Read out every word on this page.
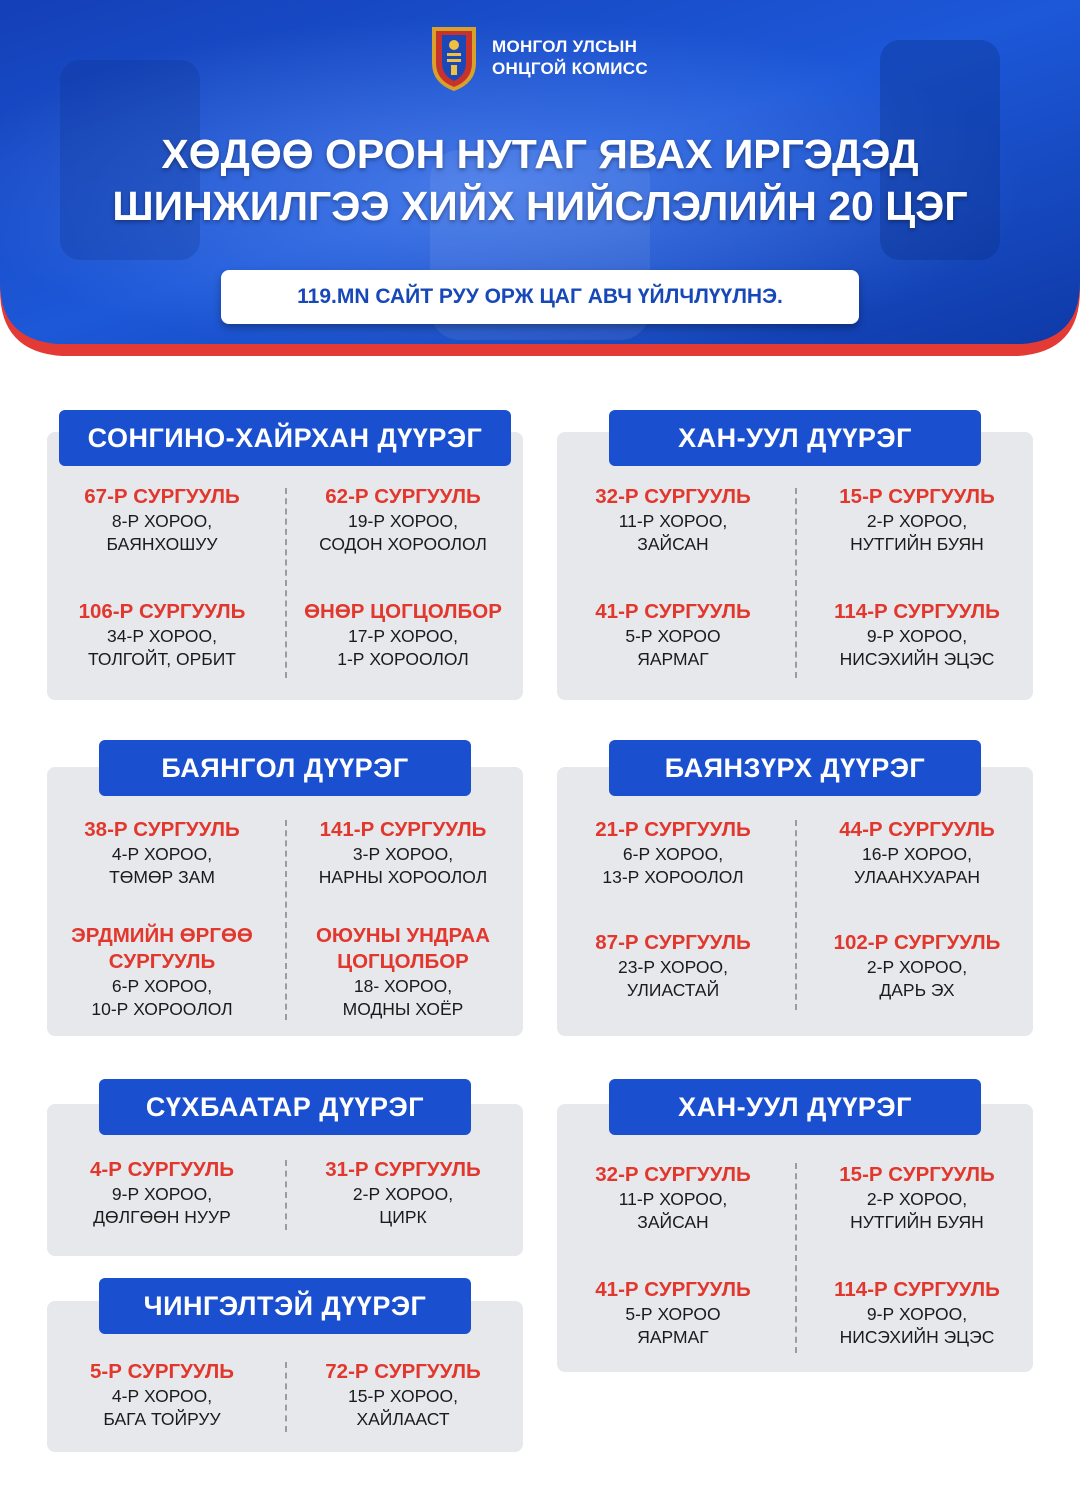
МОНГОЛ УЛСЫН
ОНЦГОЙ КОМИСС
ХӨДӨӨ ОРОН НУТАГ ЯВАХ ИРГЭДЭД
ШИНЖИЛГЭЭ ХИЙХ НИЙСЛЭЛИЙН 20 ЦЭГ
119.MN САЙТ РУУ ОРЖ ЦАГ АВЧ ҮЙЛЧЛҮҮЛНЭ.
СОНГИНО-ХАЙРХАН ДҮҮРЭГ
67-Р СУРГУУЛЬ
8-Р ХОРОО,
БАЯНХОШУУ
62-Р СУРГУУЛЬ
19-Р ХОРОО,
СОДОН ХОРООЛОЛ
106-Р СУРГУУЛЬ
34-Р ХОРОО,
ТОЛГОЙТ, ОРБИТ
ӨНӨР ЦОГЦОЛБОР
17-Р ХОРОО,
1-Р ХОРООЛОЛ
ХАН-УУЛ ДҮҮРЭГ
32-Р СУРГУУЛЬ
11-Р ХОРОО,
ЗАЙСАН
15-Р СУРГУУЛЬ
2-Р ХОРОО,
НУТГИЙН БУЯН
41-Р СУРГУУЛЬ
5-Р ХОРОО
ЯАРМАГ
114-Р СУРГУУЛЬ
9-Р ХОРОО,
НИСЭХИЙН ЭЦЭС
БАЯНГОЛ ДҮҮРЭГ
38-Р СУРГУУЛЬ
4-Р ХОРОО,
ТӨМӨР ЗАМ
141-Р СУРГУУЛЬ
3-Р ХОРОО,
НАРНЫ ХОРООЛОЛ
ЭРДМИЙН ӨРГӨӨ
СУРГУУЛЬ
6-Р ХОРОО,
10-Р ХОРООЛОЛ
ОЮУНЫ УНДРАА
ЦОГЦОЛБОР
18- ХОРОО,
МОДНЫ ХОЁР
БАЯНЗҮРХ ДҮҮРЭГ
21-Р СУРГУУЛЬ
6-Р ХОРОО,
13-Р ХОРООЛОЛ
44-Р СУРГУУЛЬ
16-Р ХОРОО,
УЛААНХУАРАН
87-Р СУРГУУЛЬ
23-Р ХОРОО,
УЛИАСТАЙ
102-Р СУРГУУЛЬ
2-Р ХОРОО,
ДАРЬ ЭХ
СҮХБААТАР ДҮҮРЭГ
4-Р СУРГУУЛЬ
9-Р ХОРОО,
ДӨЛГӨӨН НУУР
31-Р СУРГУУЛЬ
2-Р ХОРОО,
ЦИРК
ХАН-УУЛ ДҮҮРЭГ
32-Р СУРГУУЛЬ
11-Р ХОРОО,
ЗАЙСАН
15-Р СУРГУУЛЬ
2-Р ХОРОО,
НУТГИЙН БУЯН
41-Р СУРГУУЛЬ
5-Р ХОРОО
ЯАРМАГ
114-Р СУРГУУЛЬ
9-Р ХОРОО,
НИСЭХИЙН ЭЦЭС
ЧИНГЭЛТЭЙ ДҮҮРЭГ
5-Р СУРГУУЛЬ
4-Р ХОРОО,
БАГА ТОЙРУУ
72-Р СУРГУУЛЬ
15-Р ХОРОО,
ХАЙЛААСТ
